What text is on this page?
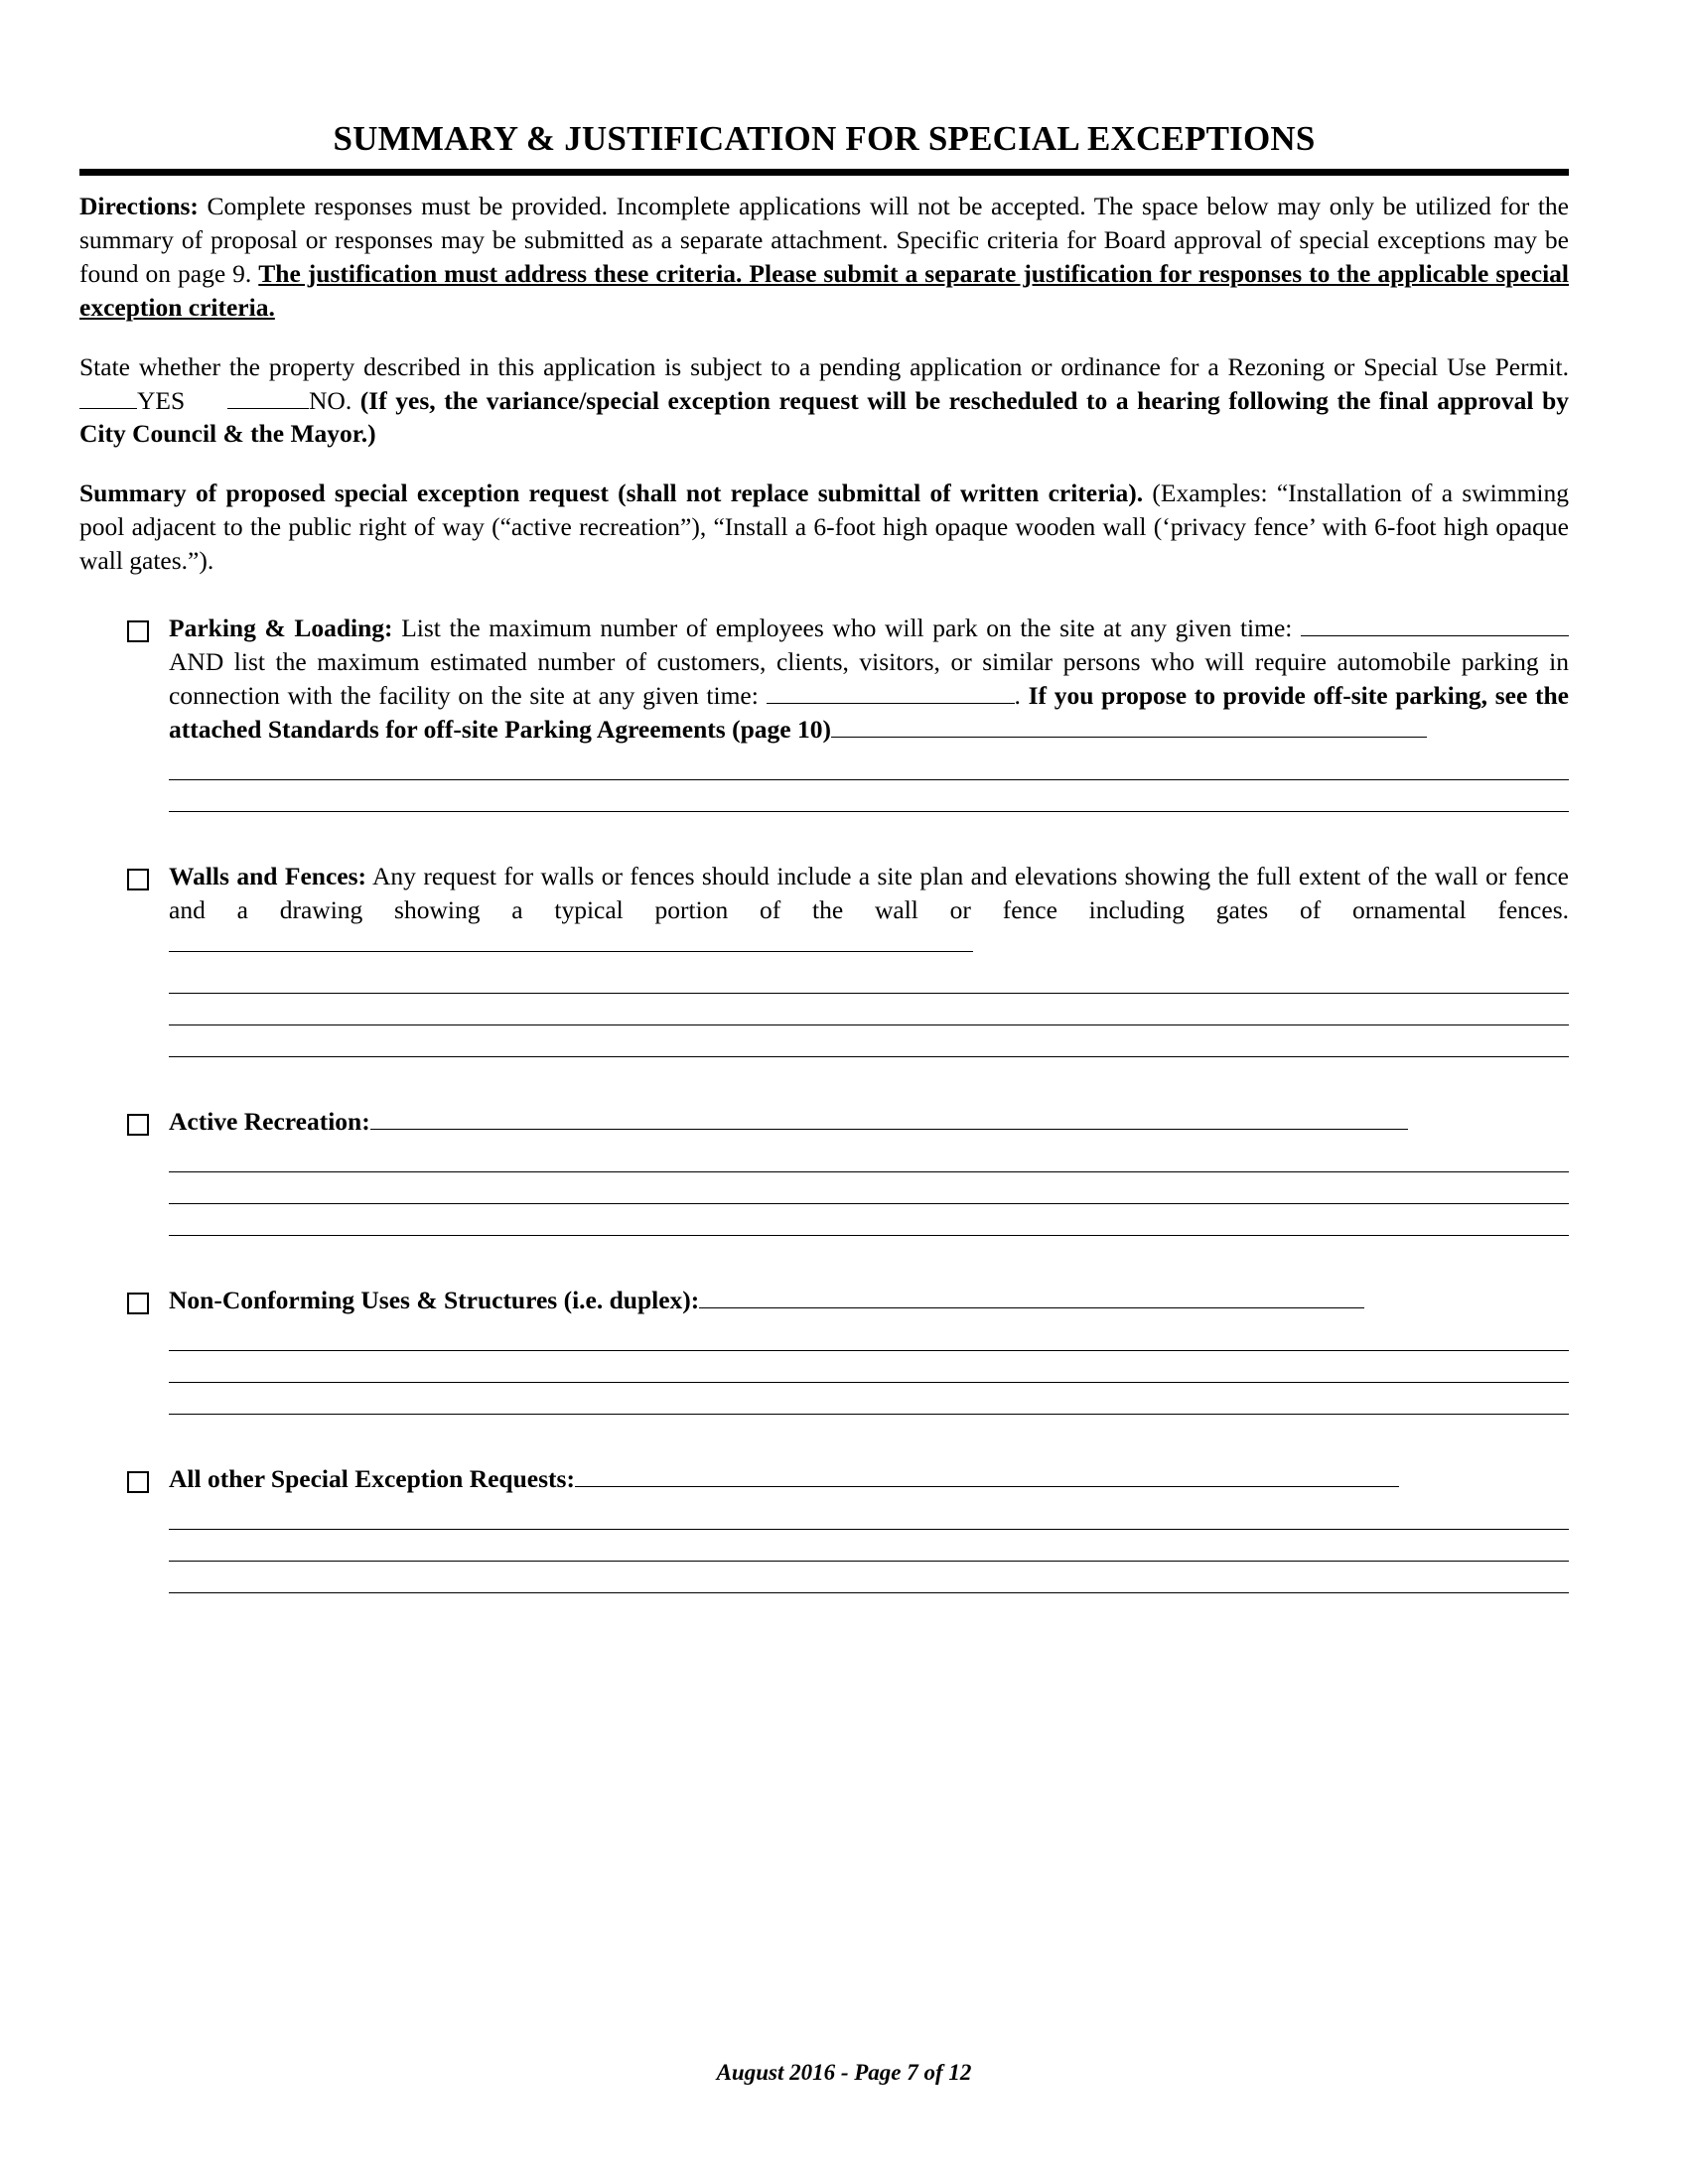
SUMMARY & JUSTIFICATION FOR SPECIAL EXCEPTIONS

Directions: Complete responses must be provided. Incomplete applications will not be accepted. The space below may only be utilized for the summary of proposal or responses may be submitted as a separate attachment. Specific criteria for Board approval of special exceptions may be found on page 9. The justification must address these criteria. Please submit a separate justification for responses to the applicable special exception criteria.

State whether the property described in this application is subject to a pending application or ordinance for a Rezoning or Special Use Permit. YES	NO. (If yes, the variance/special exception request will be rescheduled to a hearing following the final approval by City Council & the Mayor.)

Summary of proposed special exception request (shall not replace submittal of written criteria). (Examples: “Installation of a swimming pool adjacent to the public right of way (“active recreation”), “Install a 6-foot high opaque wooden wall (‘privacy fence’ with 6-foot high opaque wall gates.”).

Parking & Loading: List the maximum number of employees who will park on the site at any given time:  AND list the maximum estimated number of customers, clients, visitors, or similar persons who will require automobile parking in connection with the facility on the site at any given time:	. If you propose to provide off-site parking, see the attached Standards for off-site Parking Agreements (page 10)
Walls and Fences: Any request for walls or fences should include a site plan and elevations showing the full extent of the wall or fence and a drawing showing a typical portion of the wall or fence including gates of ornamental fences.
Active Recreation:
Non-Conforming Uses & Structures (i.e. duplex):
All other Special Exception Requests:
August 2016 - Page 7 of 12
